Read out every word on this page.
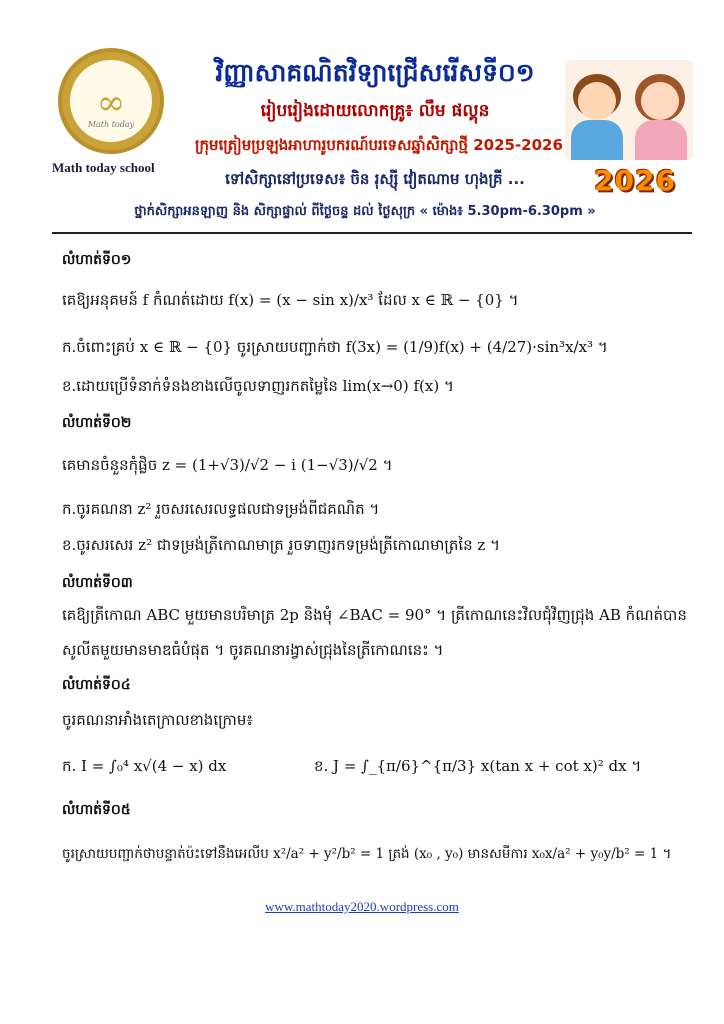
∞
Math today
Math today school
វិញ្ញាសាគណិតវិទ្យាជ្រើសរើសទី០១
រៀបរៀងដោយលោកគ្រូ៖ លឹម ផល្គុន
ក្រុមត្រៀមប្រឡងអាហារូបករណ៍បរទេសឆ្នាំសិក្សាថ្មី 2025-2026
ទៅសិក្សានៅប្រទេស៖ ចិន រុស្ស៊ី វៀតណាម ហុងគ្រី ...
ថ្នាក់សិក្សាអនឡាញ និង សិក្សាផ្ទាល់ ពីថ្ងៃចន្ទ ដល់ ថ្ងៃសុក្រ « ម៉ោង៖ 5.30pm-6.30pm »
2026
លំហាត់ទី០១
គេឱ្យអនុគមន៍ f កំណត់ដោយ f(x) = (x − sin x)/x³ ដែល x ∈ ℝ − {0} ។
ក.ចំពោះគ្រប់ x ∈ ℝ − {0} ចូរស្រាយបញ្ជាក់ថា f(3x) = (1/9)f(x) + (4/27)·sin³x/x³ ។
ខ.ដោយប្រើទំនាក់ទំនងខាងលើចូលទាញរកតម្លៃនៃ lim(x→0) f(x) ។
លំហាត់ទី០២
គេមានចំនួនកុំផ្លិច z = (1+√3)/√2 − i (1−√3)/√2 ។
ក.ចូរគណនា z² រួចសរសេរលទ្ធផលជាទម្រង់ពីជគណិត ។
ខ.ចូរសរសេរ z² ជាទម្រង់ត្រីកោណមាត្រ រួចទាញរកទម្រង់ត្រីកោណមាត្រនៃ z ។
លំហាត់ទី០៣
គេឱ្យត្រីកោណ ABC មួយមានបរិមាត្រ 2p និងមុំ ∠BAC = 90° ។ ត្រីកោណនេះវិលជុំវិញជ្រុង AB កំណត់បាន
សូលីតមួយមានមាឌធំបំផុត ។ ចូរគណនារង្វាស់ជ្រុងនៃត្រីកោណនេះ ។
លំហាត់ទី០៤
ចូរគណនាអាំងតេក្រាលខាងក្រោម៖
ក. I = ∫₀⁴ x√(4 − x) dx	ខ. J = ∫_{π/6}^{π/3} x(tan x + cot x)² dx ។
លំហាត់ទី០៥
ចូរស្រាយបញ្ជាក់ថាបន្ទាត់ប៉ះទៅនឹងអេលីប x²/a² + y²/b² = 1 ត្រង់ (x₀ , y₀) មានសមីការ x₀x/a² + y₀y/b² = 1 ។
www.mathtoday2020.wordpress.com
